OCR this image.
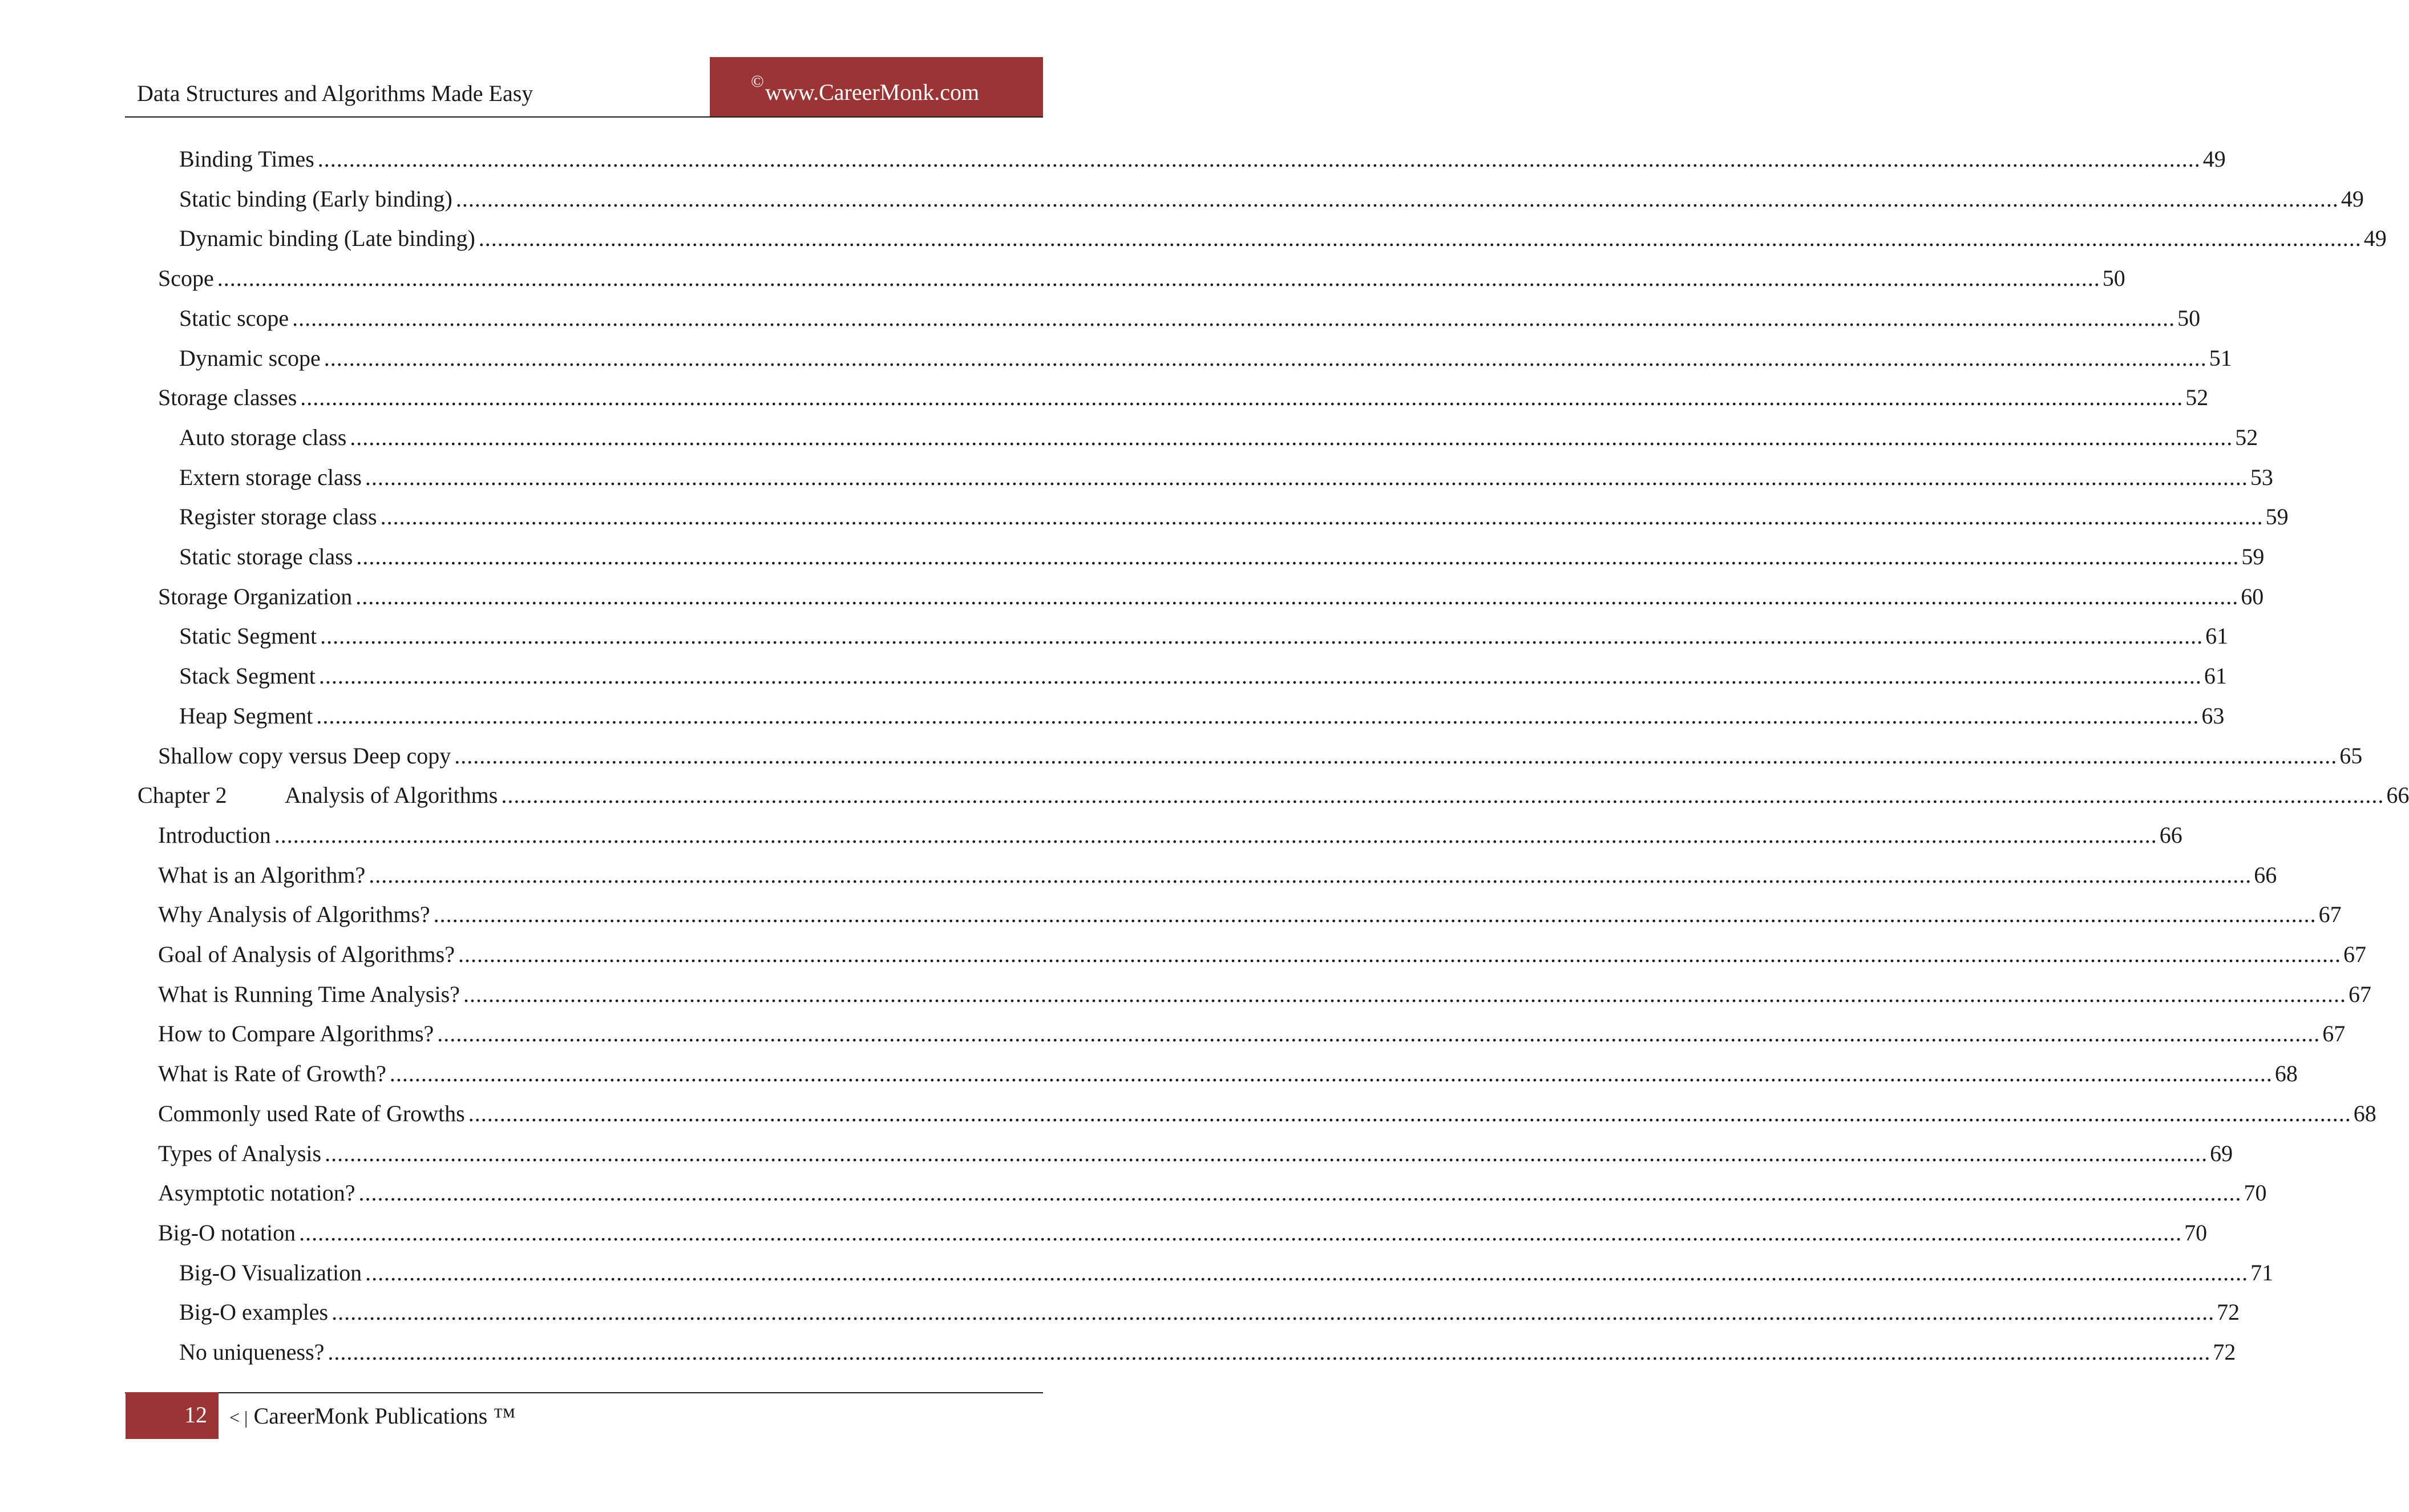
Data Structures and Algorithms Made Easy	© www.CareerMonk.com
Binding Times ............................................................................................................................................................................................................................................................................................................ 49
Static binding (Early binding) ............................................................................................................................................................................................................................................................................................................ 49
Dynamic binding (Late binding) ............................................................................................................................................................................................................................................................................................................ 49
Scope ............................................................................................................................................................................................................................................................................................................ 50
Static scope ............................................................................................................................................................................................................................................................................................................ 50
Dynamic scope ............................................................................................................................................................................................................................................................................................................ 51
Storage classes ............................................................................................................................................................................................................................................................................................................ 52
Auto storage class ............................................................................................................................................................................................................................................................................................................ 52
Extern storage class ............................................................................................................................................................................................................................................................................................................ 53
Register storage class ............................................................................................................................................................................................................................................................................................................ 59
Static storage class ............................................................................................................................................................................................................................................................................................................ 59
Storage Organization ............................................................................................................................................................................................................................................................................................................ 60
Static Segment ............................................................................................................................................................................................................................................................................................................ 61
Stack Segment ............................................................................................................................................................................................................................................................................................................ 61
Heap Segment ............................................................................................................................................................................................................................................................................................................ 63
Shallow copy versus Deep copy ............................................................................................................................................................................................................................................................................................................ 65
Chapter 2	Analysis of Algorithms ............................................................................................................................................................................................................................................................................................................ 66
Introduction ............................................................................................................................................................................................................................................................................................................ 66
What is an Algorithm? ............................................................................................................................................................................................................................................................................................................ 66
Why Analysis of Algorithms? ............................................................................................................................................................................................................................................................................................................ 67
Goal of Analysis of Algorithms? ............................................................................................................................................................................................................................................................................................................ 67
What is Running Time Analysis? ............................................................................................................................................................................................................................................................................................................ 67
How to Compare Algorithms? ............................................................................................................................................................................................................................................................................................................ 67
What is Rate of Growth? ............................................................................................................................................................................................................................................................................................................ 68
Commonly used Rate of Growths ............................................................................................................................................................................................................................................................................................................ 68
Types of Analysis ............................................................................................................................................................................................................................................................................................................ 69
Asymptotic notation? ............................................................................................................................................................................................................................................................................................................ 70
Big-O notation ............................................................................................................................................................................................................................................................................................................ 70
Big-O Visualization ............................................................................................................................................................................................................................................................................................................ 71
Big-O examples ............................................................................................................................................................................................................................................................................................................ 72
No uniqueness? ............................................................................................................................................................................................................................................................................................................ 72
12 < | CareerMonk Publications ™
